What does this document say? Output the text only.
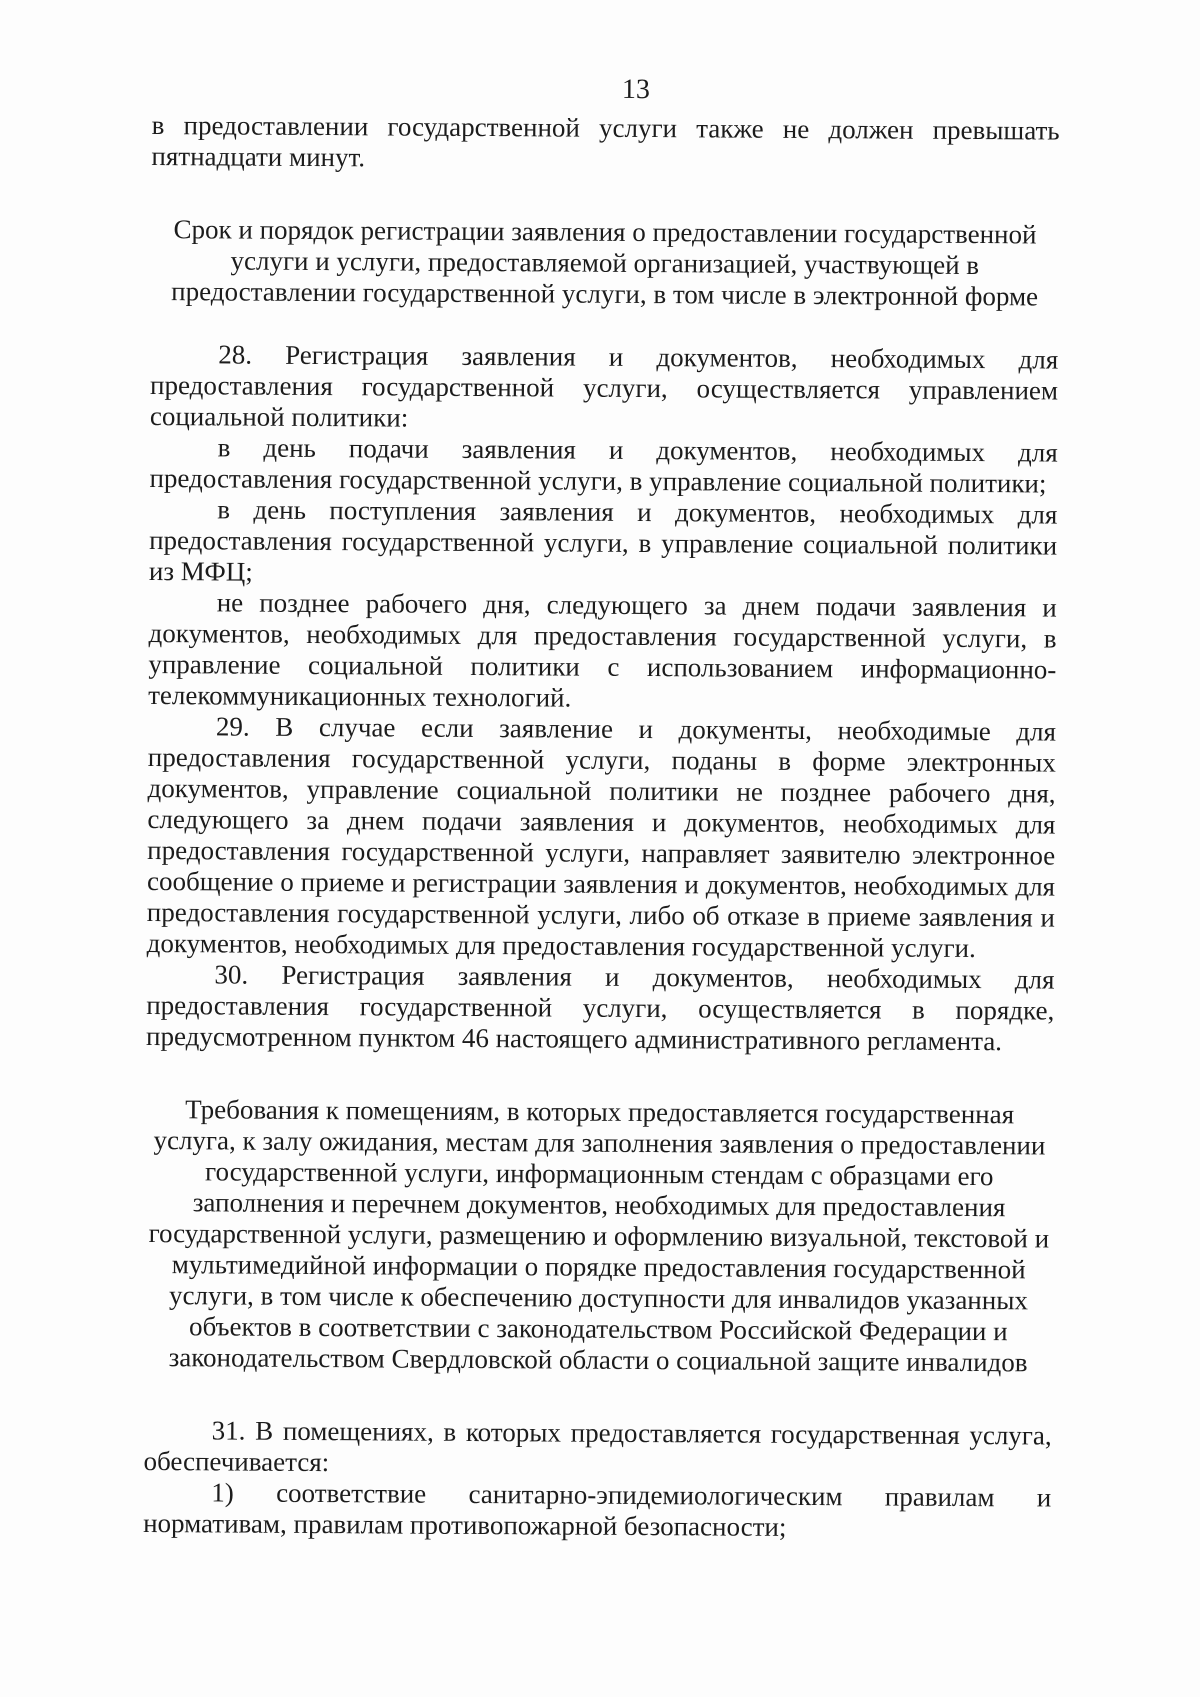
13

в предоставлении государственной услуги также не должен превышать пятнадцати минут.

Срок и порядок регистрации заявления о предоставлении государственной услуги и услуги, предоставляемой организацией, участвующей в предоставлении государственной услуги, в том числе в электронной форме

28. Регистрация заявления и документов, необходимых для предоставления государственной услуги, осуществляется управлением социальной политики:

в день подачи заявления и документов, необходимых для предоставления государственной услуги, в управление социальной политики;

в день поступления заявления и документов, необходимых для предоставления государственной услуги, в управление социальной политики из МФЦ;

не позднее рабочего дня, следующего за днем подачи заявления и документов, необходимых для предоставления государственной услуги, в управление социальной политики с использованием информационно-телекоммуникационных технологий.

29. В случае если заявление и документы, необходимые для предоставления государственной услуги, поданы в форме электронных документов, управление социальной политики не позднее рабочего дня, следующего за днем подачи заявления и документов, необходимых для предоставления государственной услуги, направляет заявителю электронное сообщение о приеме и регистрации заявления и документов, необходимых для предоставления государственной услуги, либо об отказе в приеме заявления и документов, необходимых для предоставления государственной услуги.

30. Регистрация заявления и документов, необходимых для предоставления государственной услуги, осуществляется в порядке, предусмотренном пунктом 46 настоящего административного регламента.

Требования к помещениям, в которых предоставляется государственная услуга, к залу ожидания, местам для заполнения заявления о предоставлении государственной услуги, информационным стендам с образцами его заполнения и перечнем документов, необходимых для предоставления государственной услуги, размещению и оформлению визуальной, текстовой и мультимедийной информации о порядке предоставления государственной услуги, в том числе к обеспечению доступности для инвалидов указанных объектов в соответствии с законодательством Российской Федерации и законодательством Свердловской области о социальной защите инвалидов

31. В помещениях, в которых предоставляется государственная услуга, обеспечивается:

1) соответствие санитарно-эпидемиологическим правилам и нормативам, правилам противопожарной безопасности;
